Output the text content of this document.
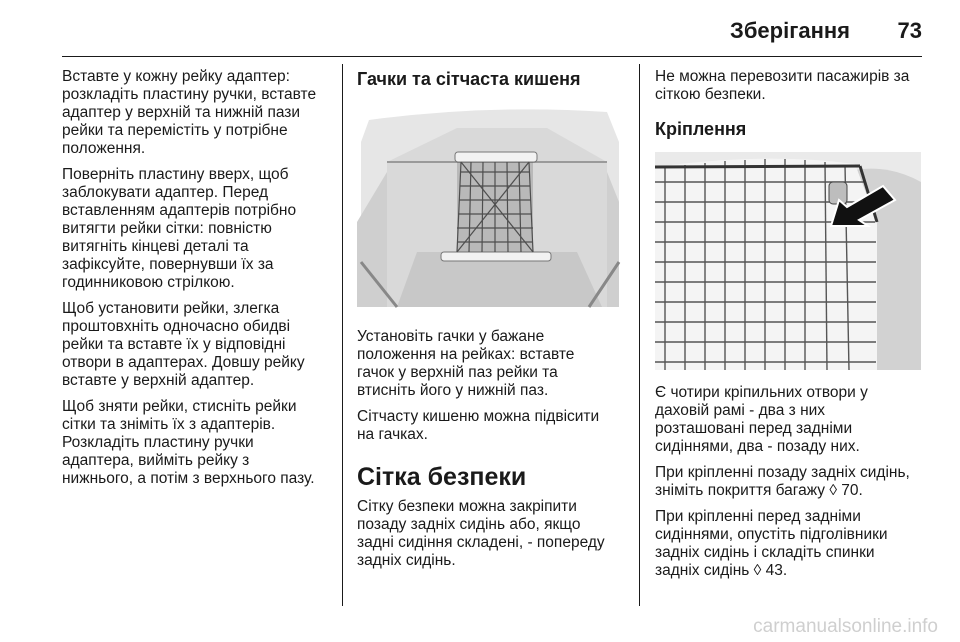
Зберігання	73

Вставте у кожну рейку адаптер:
розкладіть пластину ручки, вставте
адаптер у верхній та нижній пази
рейки та перемістіть у потрібне
положення.

Поверніть пластину вверх, щоб
заблокувати адаптер. Перед
вставленням адаптерів потрібно
витягти рейки сітки: повністю
витягніть кінцеві деталі та
зафіксуйте, повернувши їх за
годинниковою стрілкою.

Щоб установити рейки, злегка
проштовхніть одночасно обидві
рейки та вставте їх у відповідні
отвори в адаптерах. Довшу рейку
вставте у верхній адаптер.

Щоб зняти рейки, стисніть рейки
сітки та зніміть їх з адаптерів.
Розкладіть пластину ручки
адаптера, вийміть рейку з
нижнього, а потім з верхнього пазу.

Гачки та сітчаста кишеня

Установіть гачки у бажане
положення на рейках: вставте
гачок у верхній паз рейки та
втисніть його у нижній паз.

Сітчасту кишеню можна підвісити
на гачках.

Сітка безпеки

Сітку безпеки можна закріпити
позаду задніх сидінь або, якщо
задні сидіння складені, - попереду
задніх сидінь.

Не можна перевозити пасажирів за
сіткою безпеки.

Кріплення

Є чотири кріпильних отвори у
даховій рамі - два з них
розташовані перед задніми
сидіннями, два - позаду них.

При кріпленні позаду задніх сидінь,
зніміть покриття багажу ◊ 70.

При кріпленні перед задніми
сидіннями, опустіть підголівники
задніх сидінь і складіть спинки
задніх сидінь ◊ 43.

carmanualsonline.info
